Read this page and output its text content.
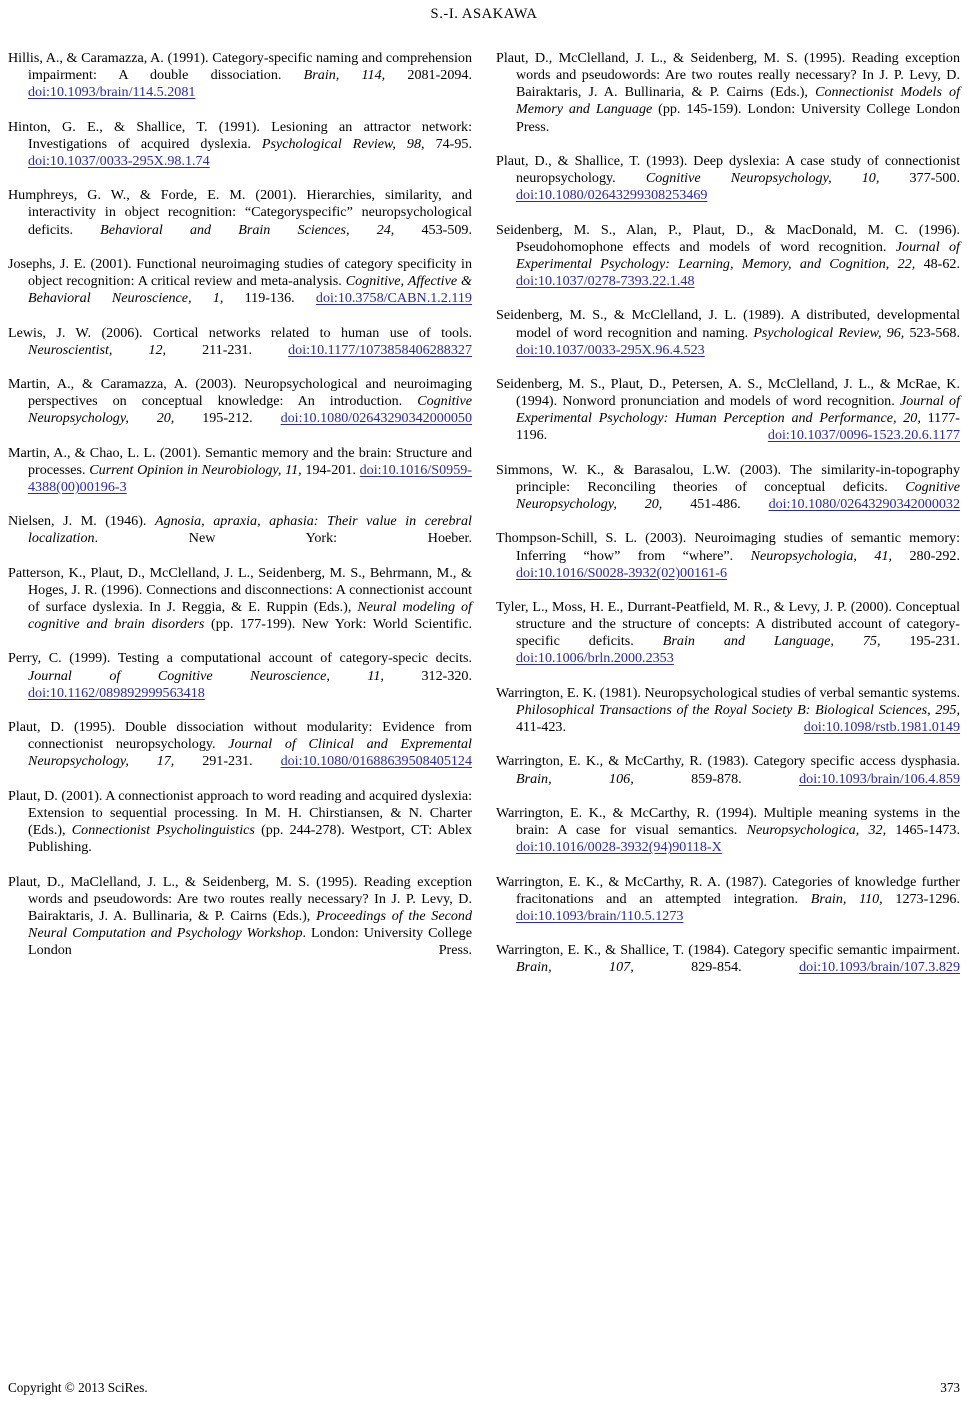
S.-I. ASAKAWA

Hillis, A., & Caramazza, A. (1991). Category-specific naming and comprehension impairment: A double dissociation. Brain, 114, 2081-2094. doi:10.1093/brain/114.5.2081

Hinton, G. E., & Shallice, T. (1991). Lesioning an attractor network: Investigations of acquired dyslexia. Psychological Review, 98, 74-95. doi:10.1037/0033-295X.98.1.74

Humphreys, G. W., & Forde, E. M. (2001). Hierarchies, similarity, and interactivity in object recognition: “Categoryspecific” neuropsychological deficits. Behavioral and Brain Sciences, 24, 453-509.

Josephs, J. E. (2001). Functional neuroimaging studies of category specificity in object recognition: A critical review and meta-analysis. Cognitive, Affective & Behavioral Neuroscience, 1, 119-136. doi:10.3758/CABN.1.2.119

Lewis, J. W. (2006). Cortical networks related to human use of tools. Neuroscientist, 12, 211-231. doi:10.1177/1073858406288327

Martin, A., & Caramazza, A. (2003). Neuropsychological and neuroimaging perspectives on conceptual knowledge: An introduction. Cognitive Neuropsychology, 20, 195-212. doi:10.1080/02643290342000050

Martin, A., & Chao, L. L. (2001). Semantic memory and the brain: Structure and processes. Current Opinion in Neurobiology, 11, 194-201. doi:10.1016/S0959-4388(00)00196-3

Nielsen, J. M. (1946). Agnosia, apraxia, aphasia: Their value in cerebral localization. New York: Hoeber.

Patterson, K., Plaut, D., McClelland, J. L., Seidenberg, M. S., Behrmann, M., & Hoges, J. R. (1996). Connections and disconnections: A connectionist account of surface dyslexia. In J. Reggia, & E. Ruppin (Eds.), Neural modeling of cognitive and brain disorders (pp. 177-199). New York: World Scientific.

Perry, C. (1999). Testing a computational account of category-specic decits. Journal of Cognitive Neuroscience, 11, 312-320. doi:10.1162/089892999563418

Plaut, D. (1995). Double dissociation without modularity: Evidence from connectionist neuropsychology. Journal of Clinical and Expremental Neuropsychology, 17, 291-231. doi:10.1080/01688639508405124

Plaut, D. (2001). A connectionist approach to word reading and acquired dyslexia: Extension to sequential processing. In M. H. Chirstiansen, & N. Charter (Eds.), Connectionist Psycholinguistics (pp. 244-278). Westport, CT: Ablex Publishing.

Plaut, D., MaClelland, J. L., & Seidenberg, M. S. (1995). Reading exception words and pseudowords: Are two routes really necessary? In J. P. Levy, D. Bairaktaris, J. A. Bullinaria, & P. Cairns (Eds.), Proceedings of the Second Neural Computation and Psychology Workshop. London: University College London Press.

Plaut, D., McClelland, J. L., & Seidenberg, M. S. (1995). Reading exception words and pseudowords: Are two routes really necessary? In J. P. Levy, D. Bairaktaris, J. A. Bullinaria, & P. Cairns (Eds.), Connectionist Models of Memory and Language (pp. 145-159). London: University College London Press.

Plaut, D., & Shallice, T. (1993). Deep dyslexia: A case study of connectionist neuropsychology. Cognitive Neuropsychology, 10, 377-500. doi:10.1080/02643299308253469

Seidenberg, M. S., Alan, P., Plaut, D., & MacDonald, M. C. (1996). Pseudohomophone effects and models of word recognition. Journal of Experimental Psychology: Learning, Memory, and Cognition, 22, 48-62. doi:10.1037/0278-7393.22.1.48

Seidenberg, M. S., & McClelland, J. L. (1989). A distributed, developmental model of word recognition and naming. Psychological Review, 96, 523-568. doi:10.1037/0033-295X.96.4.523

Seidenberg, M. S., Plaut, D., Petersen, A. S., McClelland, J. L., & McRae, K. (1994). Nonword pronunciation and models of word recognition. Journal of Experimental Psychology: Human Perception and Performance, 20, 1177-1196. doi:10.1037/0096-1523.20.6.1177

Simmons, W. K., & Barasalou, L.W. (2003). The similarity-in-topography principle: Reconciling theories of conceptual deficits. Cognitive Neuropsychology, 20, 451-486. doi:10.1080/02643290342000032

Thompson-Schill, S. L. (2003). Neuroimaging studies of semantic memory: Inferring “how” from “where”. Neuropsychologia, 41, 280-292. doi:10.1016/S0028-3932(02)00161-6

Tyler, L., Moss, H. E., Durrant-Peatfield, M. R., & Levy, J. P. (2000). Conceptual structure and the structure of concepts: A distributed account of category-specific deficits. Brain and Language, 75, 195-231. doi:10.1006/brln.2000.2353

Warrington, E. K. (1981). Neuropsychological studies of verbal semantic systems. Philosophical Transactions of the Royal Society B: Biological Sciences, 295, 411-423. doi:10.1098/rstb.1981.0149

Warrington, E. K., & McCarthy, R. (1983). Category specific access dysphasia. Brain, 106, 859-878. doi:10.1093/brain/106.4.859

Warrington, E. K., & McCarthy, R. (1994). Multiple meaning systems in the brain: A case for visual semantics. Neuropsychologica, 32, 1465-1473. doi:10.1016/0028-3932(94)90118-X

Warrington, E. K., & McCarthy, R. A. (1987). Categories of knowledge further fracitonations and an attempted integration. Brain, 110, 1273-1296. doi:10.1093/brain/110.5.1273

Warrington, E. K., & Shallice, T. (1984). Category specific semantic impairment. Brain, 107, 829-854. doi:10.1093/brain/107.3.829

Copyright © 2013 SciRes.	373
